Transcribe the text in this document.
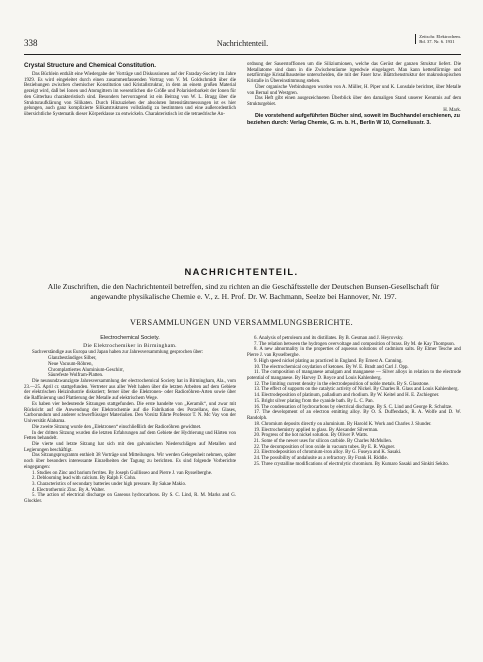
338	Nachrichtenteil.
Zeitschr. Elektrochem.
Bd. 37. Nr. 6. 1931
Crystal Structure and Chemical Constitution.

Das Büchlein enthält eine Wiedergabe der Vorträge und Diskussionen auf der Faraday-Society im Jahre 1929. Es wird eingeleitet durch einen zusammenfassenden Vortrag von V. M. Goldschmidt über die Beziehungen zwischen chemischer Konstitution und Kristallstruktur, in dem an einem großen Material gezeigt wird, daß bei Ionen und Atomgittern im wesentlichen die Größe und Polarisierbarkeit der Ionen für den Gitterbau charakteristisch sind. Besonders hervorragend ist ein Beitrag von W. L. Bragg über die Strukturaufklärung von Silikaten. Durch Hinzuziehen der absoluten Intensitätsmessungen ist es hier gelungen, auch ganz komplizierte Silikatstrukturen vollständig zu bestimmen und eine außerordentlich übersichtliche Systematik dieser Körperklasse zu entwickeln. Charakteristisch ist die tetraedrische An-

ordnung der Sauerstoffionen um die Siliziumionen, welche das Gerüst der ganzen Struktur liefert. Die Metallatome sind dann in die Zwischenräume irgendwie eingelagert. Man kann kettenförmige und netzförmige Kristallbausteine unterscheiden, die mit der Faser bzw. Blättchenstruktur der makroskopischen Kristalle in Übereinstimmung stehen.

Über organische Verbindungen wurden von A. Müller, H. Piper und K. Lonsdale berichtet, über Metalle von Bernal und Westgren.

Das Heft gibt einen ausgezeichneten Überblick über den damaligen Stand unserer Kenntnis auf dem Strukturgebiet.

H. Mark.

Die vorstehend aufgeführten Bücher sind, soweit im Buchhandel erschienen, zu beziehen durch: Verlag Chemie, G. m. b. H., Berlin W 10, Corneliusstr. 3.

NACHRICHTENTEIL.
Alle Zuschriften, die den Nachrichtenteil betreffen, sind zu richten an die Geschäftsstelle der Deutschen Bunsen-Gesellschaft für angewandte physikalische Chemie e. V., z. H. Prof. Dr. W. Bachmann, Seelze bei Hannover, Nr. 197.
VERSAMMLUNGEN UND VERSAMMLUNGSBERICHTE.
Electrochemical Society.
Die Elektrochemiker in Birmingham.

Sachverständige aus Europa und Japan haben zur Jahresversammlung gesprochen über:

Glanzbeständiges Silber,
Neue Vacuum-Röhren,
Chromplattiertes Aluminium-Geschirr,
Säurefeste Wolfram-Platten.

Die neunundzwanzigste Jahresversammlung der electrochemical Society hat in Birmingham, Ala., vom 23.—25. April cr. stattgefunden. Vertreter aus aller Welt haben über die letzten Arbeiten auf dem Gebiete der elektrischen Heizindustrie diskutiert; ferner über die Elektronen- oder Radioröhren-Arten sowie über die Raffinierung und Plattierung der Metalle auf elektrischem Wege.

Es haben vier bedeutende Sitzungen stattgefunden. Die erste handelte von „Keramik“, und zwar mit Rücksicht auf die Anwendung der Elektrochemie auf die Fabrikation des Porzellans, des Glases, Carborundum und anderer schwerflüssiger Materialien. Den Vorsitz führte Professor T. N. Mc Vay von der Universität Alabama.

Die zweite Sitzung wurde den „Elektronen“ einschließlich der Radioröhren gewidmet.

In der dritten Sitzung wurden die letzten Erfahrungen auf dem Gebiete der Hydrierung und Härten von Fetten behandelt.

Die vierte und letzte Sitzung hat sich mit den galvanischen Niederschlägen auf Metallen und Legierungen beschäftigt.

Das Sitzungsprogramm enthielt 38 Vorträge und Mitteilungen. Wir werden Gelegenheit nehmen, später noch über besonders interessante Einzelheiten der Tagung zu berichten. Es sind folgende Vorberichte eingegangen:

1. Studies on Zinc and barium ferrites. By Joseph Guillisseo and Pierre J. van Rysselberghe.

2. Deblooming lead with calcium. By Ralph F. Cohn.

3. Characteristics of secondary batteries under high pressure. By Sakae Makio.

4. Electrothermic Zinc. By A. Walter.

5. The action of electrical discharge on Gaseous hydrocarbons. By S. C. Lind, R. M. Marks and G. Glockler.

6. Analysis of petroleum and its distillates. By B. Gesman and J. Heyrovsky.

7. The relation between the hydrogen overvoltage and composition of brass. By M. de Kay Thompson.

8. A new abnormality in the properties of aqueous solutions of cadmium salts. By Elmer Tesche and Pierre J. van Rysselberghe.

9. High speed nickel plating as practiced in England. By Ernest A. Canning.

10. The electrochemical oxydation of ketones. By W. E. Bradt and Carl J. Opp.

11. The composition of manganese amalgam and manganese — Silver alloys in relation to the electrode potential of manganese. By Harvey D. Royce and Louis Kahlenberg.

12. The limiting current density in the electrodeposition of noble metals. By S. Glasstone.

13. The effect of supports on the catalytic activity of Nickel. By Charles R. Glass and Louis Kahlenberg.

14. Electrodeposition of platinum, palladium and rhodium. By W. Keitel and H. E. Zschiegner.

15. Bright silver plating from the cyanide bath. By L. C. Pan.

16. The condensation of hydrocarbons by electrical discharge. By S. C. Lind and George R. Schultze.

17. The development of an electron emitting alloy. By O. S. Duffendack, R. A. Wolfe and D. W. Randolph.

18. Chromium deposits directly on aluminium. By Harold K. Work and Charles J. Slunder.

19. Electrochemistry applied to glass. By Alexander Silverman.

20. Progress of the hot nickel solution. By Oliver P. Watts.

21. Some of the newer uses for silicon carbide. By Charles McMullen.

22. The decomposition of iron oxide in vacuum tubes. By E. R. Wagner.

23. Electrodeposition of chromium-iron alloy. By G. Fuseya and K. Sasaki.

24. The possibility of andalusite as a refractory. By Frank H. Riddle.

25. Three crystalline modifications of electrolytic chromium. By Kumaro Sasaki and Sinkiti Sekito.
